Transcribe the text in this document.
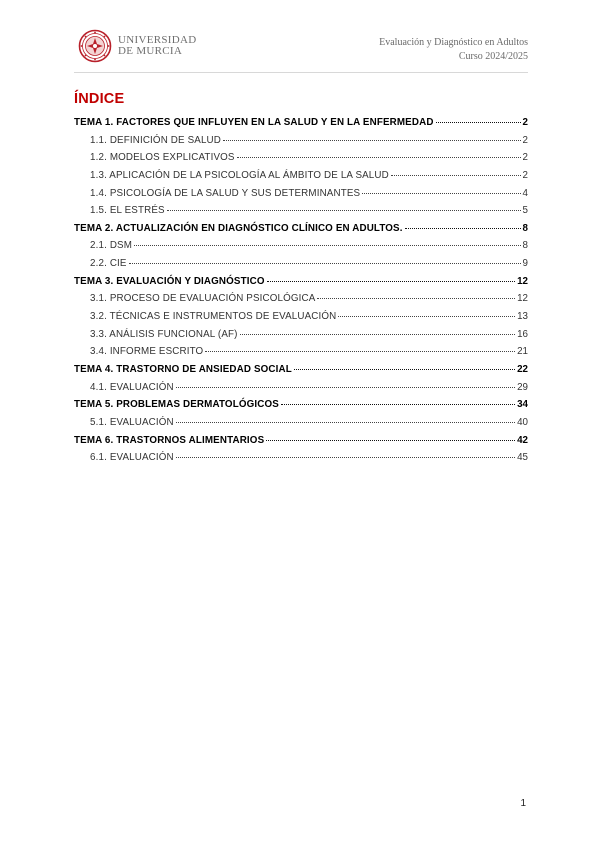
UNIVERSIDAD
DE MURCIA
Evaluación y Diagnóstico en Adultos
Curso 2024/2025
ÍNDICE
TEMA 1. FACTORES QUE INFLUYEN EN LA SALUD Y EN LA ENFERMEDAD	2
1.1. DEFINICIÓN DE SALUD	2
1.2. MODELOS EXPLICATIVOS	2
1.3. APLICACIÓN DE LA PSICOLOGÍA AL ÁMBITO DE LA SALUD	2
1.4. PSICOLOGÍA DE LA SALUD Y SUS DETERMINANTES	4
1.5. EL ESTRÉS	5
TEMA 2. ACTUALIZACIÓN EN DIAGNÓSTICO CLÍNICO EN ADULTOS.	8
2.1. DSM	8
2.2. CIE	9
TEMA 3. EVALUACIÓN Y DIAGNÓSTICO	12
3.1. PROCESO DE EVALUACIÓN PSICOLÓGICA	12
3.2. TÉCNICAS E INSTRUMENTOS DE EVALUACIÓN	13
3.3. ANÁLISIS FUNCIONAL (AF)	16
3.4. INFORME ESCRITO	21
TEMA 4. TRASTORNO DE ANSIEDAD SOCIAL	22
4.1. EVALUACIÓN	29
TEMA 5. PROBLEMAS DERMATOLÓGICOS	34
5.1. EVALUACIÓN	40
TEMA 6. TRASTORNOS ALIMENTARIOS	42
6.1. EVALUACIÓN	45
1
